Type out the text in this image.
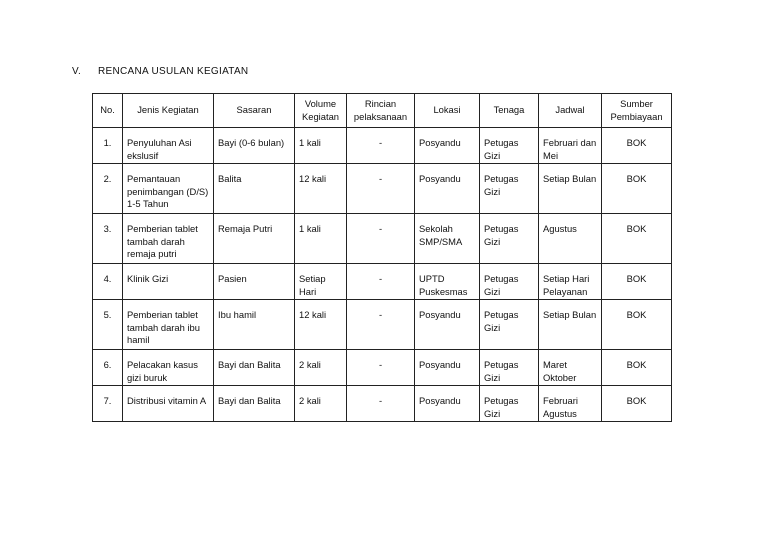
V. RENCANA USULAN KEGIATAN
No.	Jenis Kegiatan	Sasaran	Volume Kegiatan	Rincian pelaksanaan	Lokasi	Tenaga	Jadwal	Sumber Pembiayaan
1.	Penyuluhan Asi ekslusif	Bayi (0-6 bulan)	1 kali	-	Posyandu	Petugas Gizi	Februari dan Mei	BOK
2.	Pemantauan penimbangan (D/S) 1-5 Tahun	Balita	12 kali	-	Posyandu	Petugas Gizi	Setiap Bulan	BOK
3.	Pemberian tablet tambah darah remaja putri	Remaja Putri	1 kali	-	Sekolah SMP/SMA	Petugas Gizi	Agustus	BOK
4.	Klinik Gizi	Pasien	Setiap Hari	-	UPTD Puskesmas	Petugas Gizi	Setiap Hari Pelayanan	BOK
5.	Pemberian tablet tambah darah ibu hamil	Ibu hamil	12 kali	-	Posyandu	Petugas Gizi	Setiap Bulan	BOK
6.	Pelacakan kasus gizi buruk	Bayi dan Balita	2 kali	-	Posyandu	Petugas Gizi	Maret Oktober	BOK
7.	Distribusi vitamin A	Bayi dan Balita	2 kali	-	Posyandu	Petugas Gizi	Februari Agustus	BOK
